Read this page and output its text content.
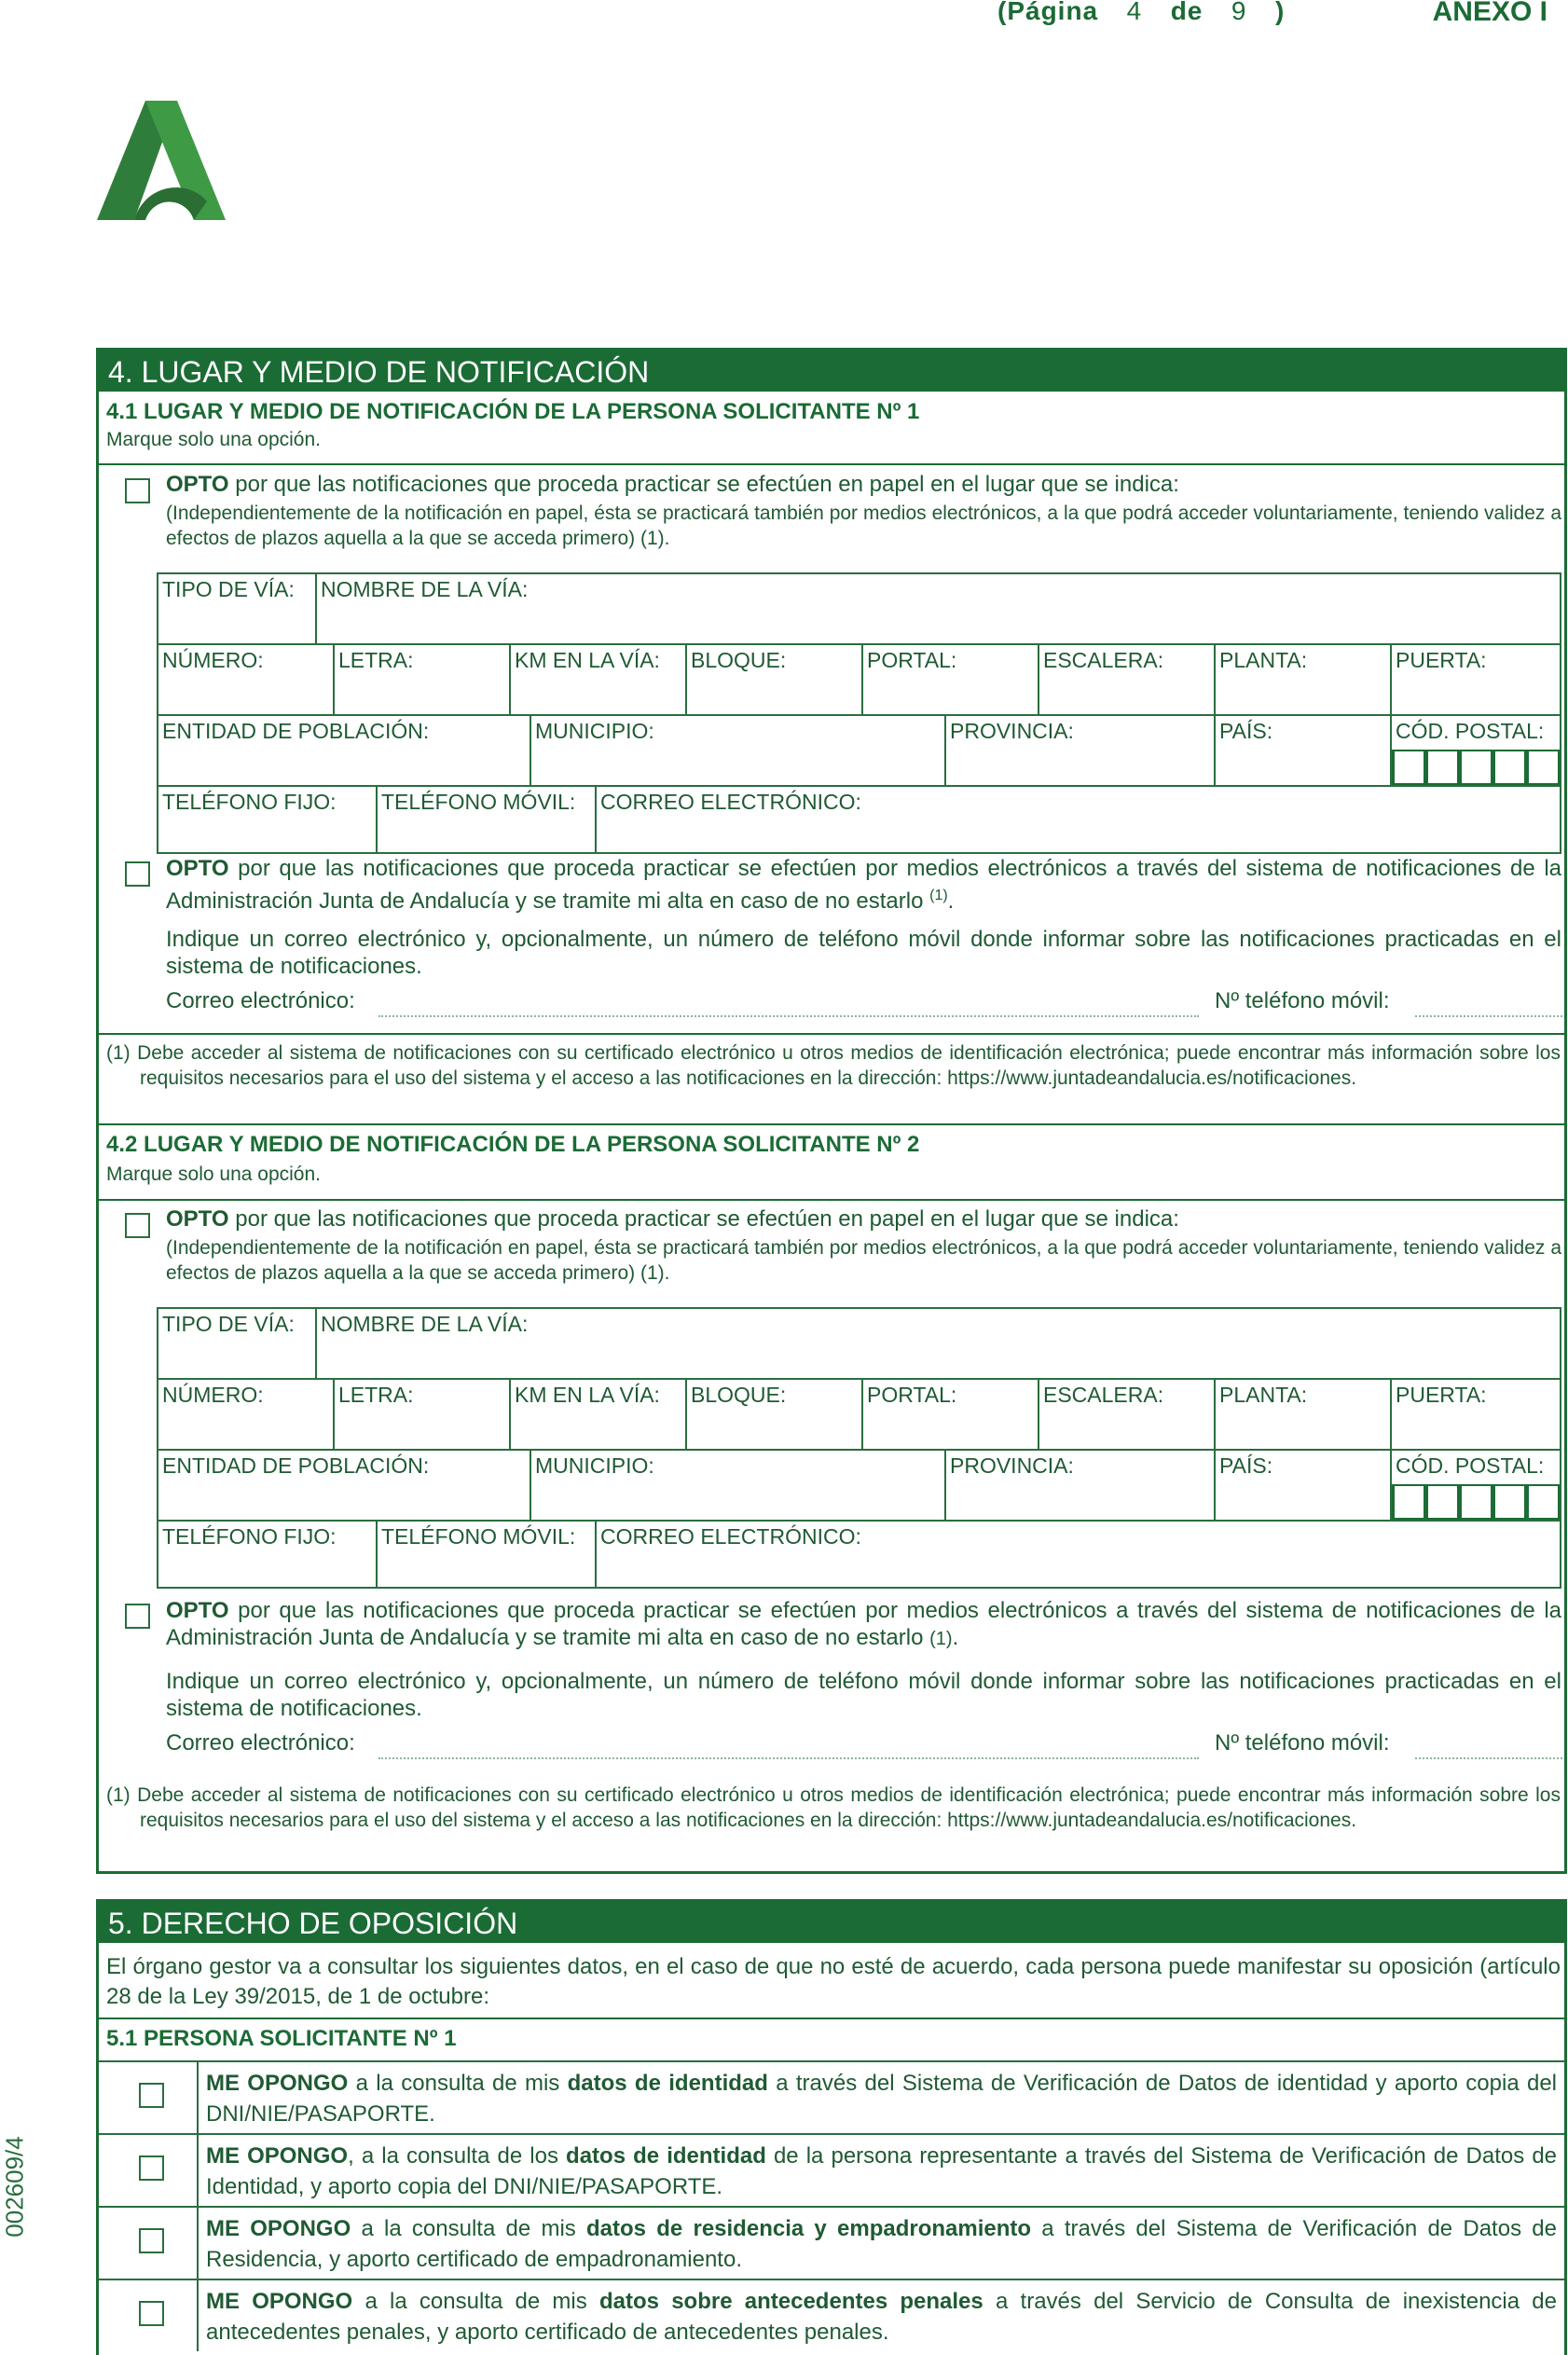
(Página 4 de 9 )	ANEXO I
002609/4
4. LUGAR Y MEDIO DE NOTIFICACIÓN
4.1 LUGAR Y MEDIO DE NOTIFICACIÓN DE LA PERSONA SOLICITANTE Nº 1
Marque solo una opción.
OPTO por que las notificaciones que proceda practicar se efectúen en papel en el lugar que se indica:
(Independientemente de la notificación en papel, ésta se practicará también por medios electrónicos, a la que podrá acceder voluntariamente, teniendo validez a efectos de plazos aquella a la que se acceda primero) (1).
TIPO DE VÍA:	NOMBRE DE LA VÍA:
NÚMERO:	LETRA:	KM EN LA VÍA:	BLOQUE:	PORTAL:	ESCALERA:	PLANTA:	PUERTA:
ENTIDAD DE POBLACIÓN:	MUNICIPIO:	PROVINCIA:	PAÍS:	CÓD. POSTAL:
TELÉFONO FIJO:	TELÉFONO MÓVIL:	CORREO ELECTRÓNICO:
OPTO por que las notificaciones que proceda practicar se efectúen por medios electrónicos a través del sistema de notificaciones de la Administración Junta de Andalucía y se tramite mi alta en caso de no estarlo $^{(1)}$.
Indique un correo electrónico y, opcionalmente, un número de teléfono móvil donde informar sobre las notificaciones practicadas en el sistema de notificaciones.
Correo electrónico:	Nº teléfono móvil:
(1) Debe acceder al sistema de notificaciones con su certificado electrónico u otros medios de identificación electrónica; puede encontrar más información sobre los requisitos necesarios para el uso del sistema y el acceso a las notificaciones en la dirección: https://www.juntadeandalucia.es/notificaciones.
4.2 LUGAR Y MEDIO DE NOTIFICACIÓN DE LA PERSONA SOLICITANTE Nº 2
Marque solo una opción.
OPTO por que las notificaciones que proceda practicar se efectúen en papel en el lugar que se indica:
(Independientemente de la notificación en papel, ésta se practicará también por medios electrónicos, a la que podrá acceder voluntariamente, teniendo validez a efectos de plazos aquella a la que se acceda primero) (1).
TIPO DE VÍA:	NOMBRE DE LA VÍA:
NÚMERO:	LETRA:	KM EN LA VÍA:	BLOQUE:	PORTAL:	ESCALERA:	PLANTA:	PUERTA:
ENTIDAD DE POBLACIÓN:	MUNICIPIO:	PROVINCIA:	PAÍS:	CÓD. POSTAL:
TELÉFONO FIJO:	TELÉFONO MÓVIL:	CORREO ELECTRÓNICO:
OPTO por que las notificaciones que proceda practicar se efectúen por medios electrónicos a través del sistema de notificaciones de la Administración Junta de Andalucía y se tramite mi alta en caso de no estarlo (1).
Indique un correo electrónico y, opcionalmente, un número de teléfono móvil donde informar sobre las notificaciones practicadas en el sistema de notificaciones.
Correo electrónico:	Nº teléfono móvil:
(1) Debe acceder al sistema de notificaciones con su certificado electrónico u otros medios de identificación electrónica; puede encontrar más información sobre los requisitos necesarios para el uso del sistema y el acceso a las notificaciones en la dirección: https://www.juntadeandalucia.es/notificaciones.
5. DERECHO DE OPOSICIÓN
El órgano gestor va a consultar los siguientes datos, en el caso de que no esté de acuerdo, cada persona puede manifestar su oposición (artículo 28 de la Ley 39/2015, de 1 de octubre:
5.1 PERSONA SOLICITANTE Nº 1
ME OPONGO a la consulta de mis datos de identidad a través del Sistema de Verificación de Datos de identidad y aporto copia del DNI/NIE/PASAPORTE.
ME OPONGO, a la consulta de los datos de identidad de la persona representante a través del Sistema de Verificación de Datos de Identidad, y aporto copia del DNI/NIE/PASAPORTE.
ME OPONGO a la consulta de mis datos de residencia y empadronamiento a través del Sistema de Verificación de Datos de Residencia, y aporto certificado de empadronamiento.
ME OPONGO a la consulta de mis datos sobre antecedentes penales a través del Servicio de Consulta de inexistencia de antecedentes penales, y aporto certificado de antecedentes penales.
